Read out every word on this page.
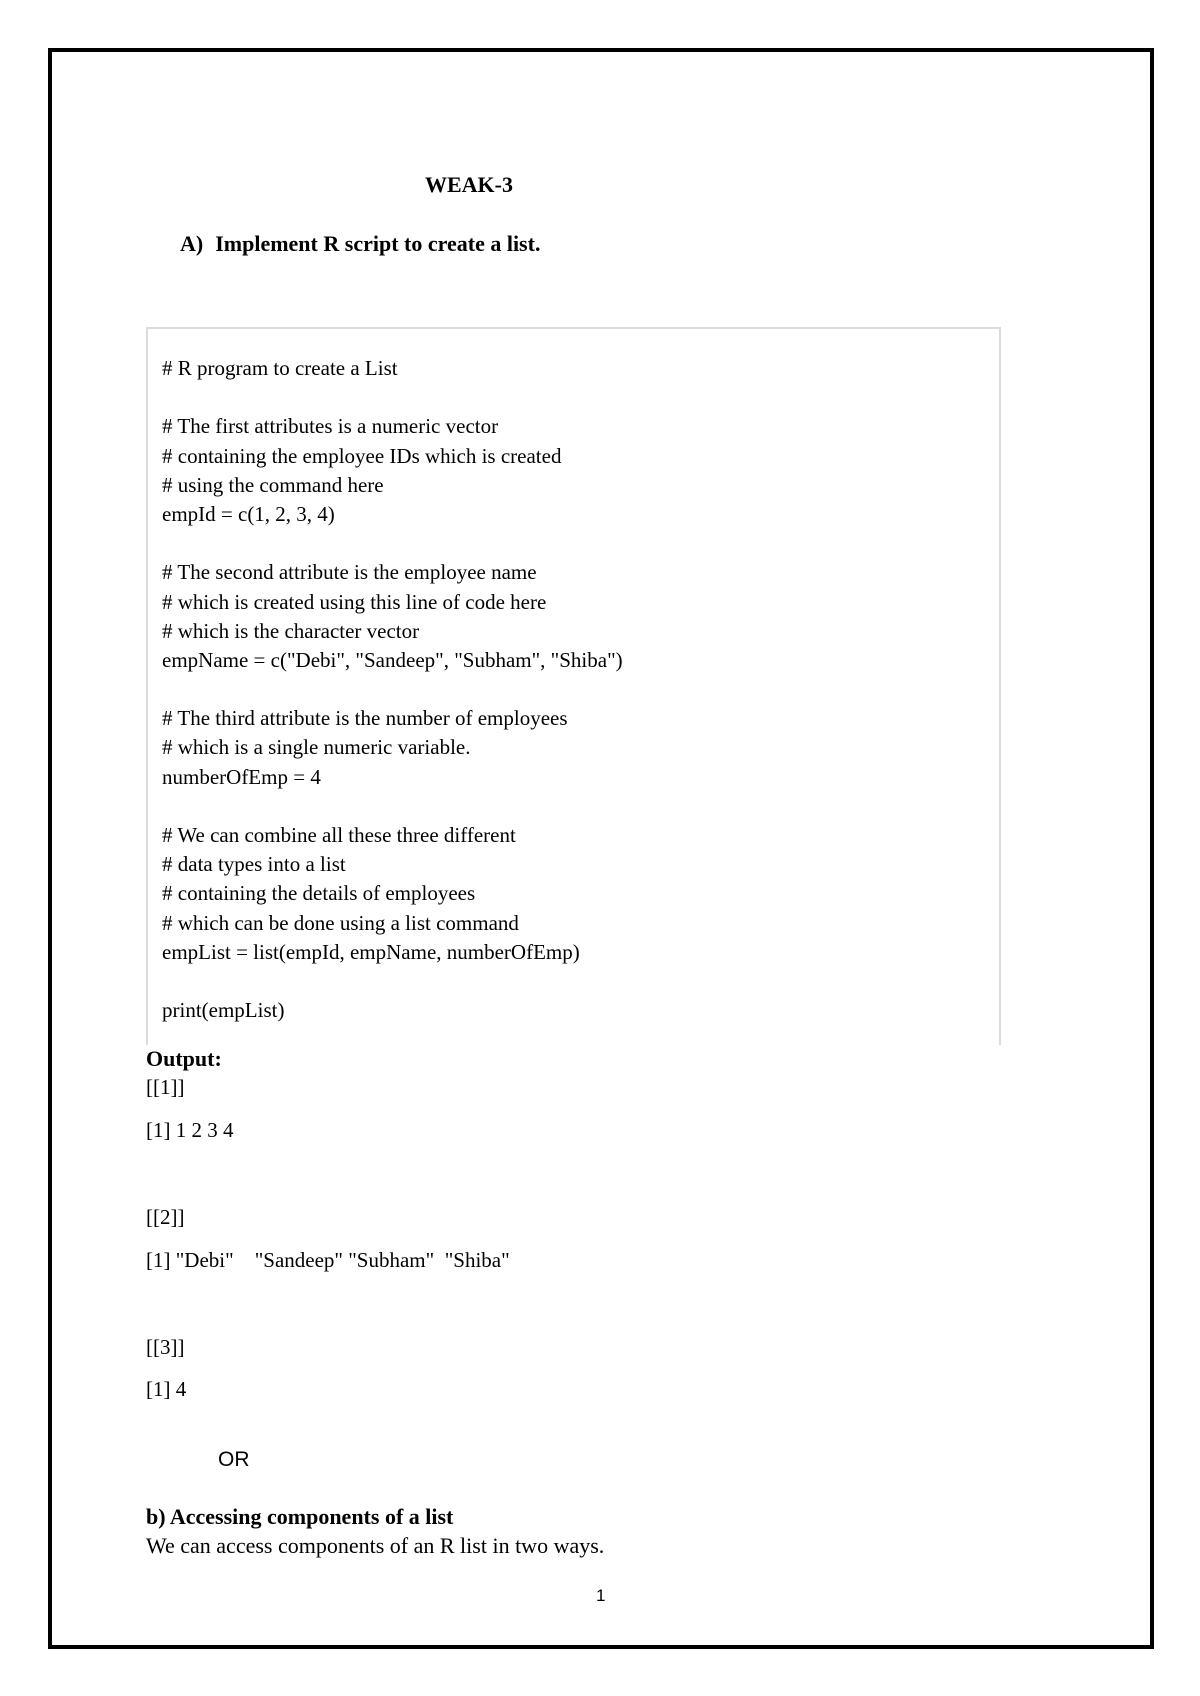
WEAK-3
A) Implement R script to create a list.
# R program to create a List
# The first attributes is a numeric vector
# containing the employee IDs which is created
# using the command here
empId = c(1, 2, 3, 4)
# The second attribute is the employee name
# which is created using this line of code here
# which is the character vector
empName = c("Debi", "Sandeep", "Subham", "Shiba")
# The third attribute is the number of employees
# which is a single numeric variable.
numberOfEmp = 4
# We can combine all these three different
# data types into a list
# containing the details of employees
# which can be done using a list command
empList = list(empId, empName, numberOfEmp)
print(empList)
Output:
[[1]]
[1] 1 2 3 4
[[2]]
[1] "Debi"    "Sandeep" "Subham"  "Shiba"
[[3]]
[1] 4
OR
b) Accessing components of a list
We can access components of an R list in two ways.
1
